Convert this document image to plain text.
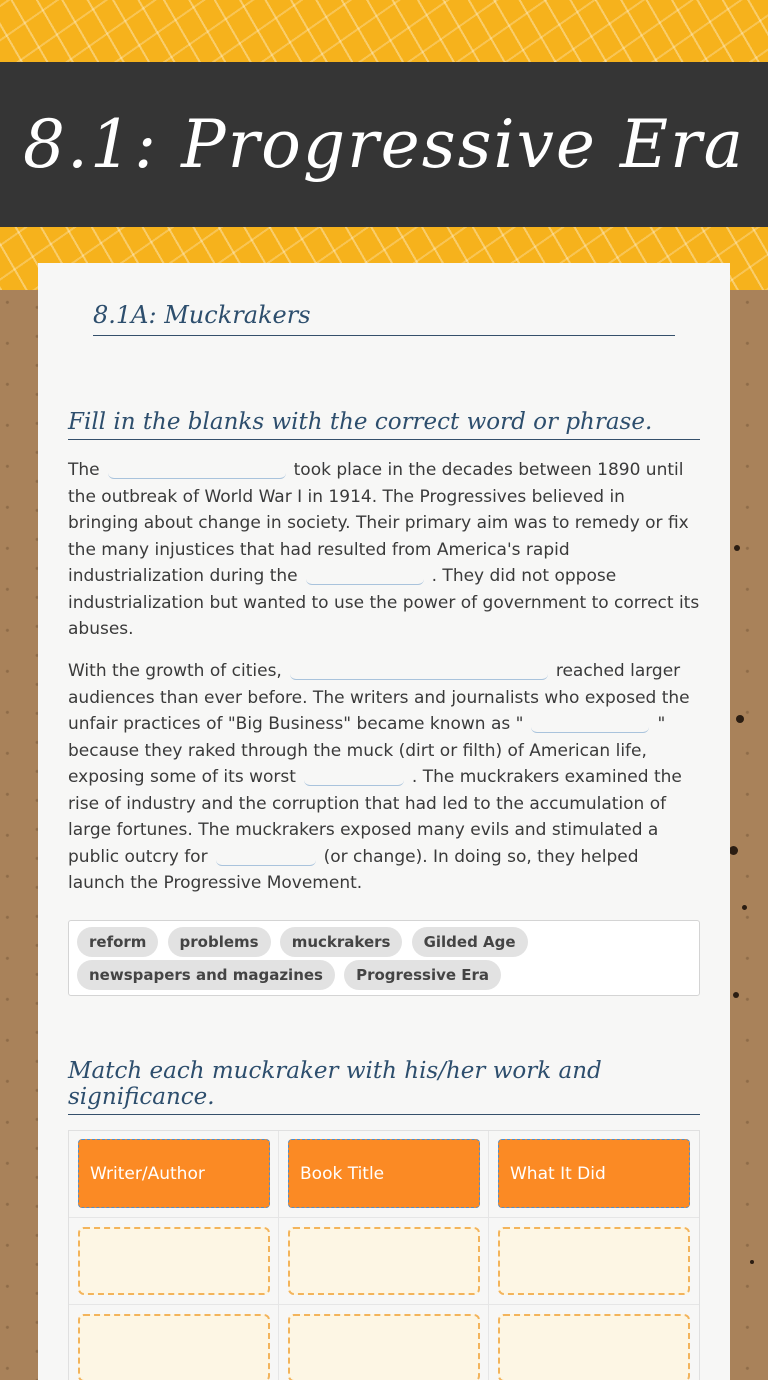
8.1: Progressive Era
8.1A: Muckrakers
Fill in the blanks with the correct word or phrase.
The	took place in the decades between 1890 until the outbreak of World War I in 1914. The Progressives believed in bringing about change in society. Their primary aim was to remedy or fix the many injustices that had resulted from America's rapid industrialization during the	. They did not oppose industrialization but wanted to use the power of government to correct its abuses.
With the growth of cities,	reached larger audiences than ever before. The writers and journalists who exposed the unfair practices of "Big Business" became known as "	" because they raked through the muck (dirt or filth) of American life, exposing some of its worst	. The muckrakers examined the rise of industry and the corruption that had led to the accumulation of large fortunes. The muckrakers exposed many evils and stimulated a public outcry for	(or change). In doing so, they helped launch the Progressive Movement.
reform problems muckrakers Gilded Age newspapers and magazines Progressive Era
Match each muckraker with his/her work and significance.
Writer/Author	Book Title	What It Did
